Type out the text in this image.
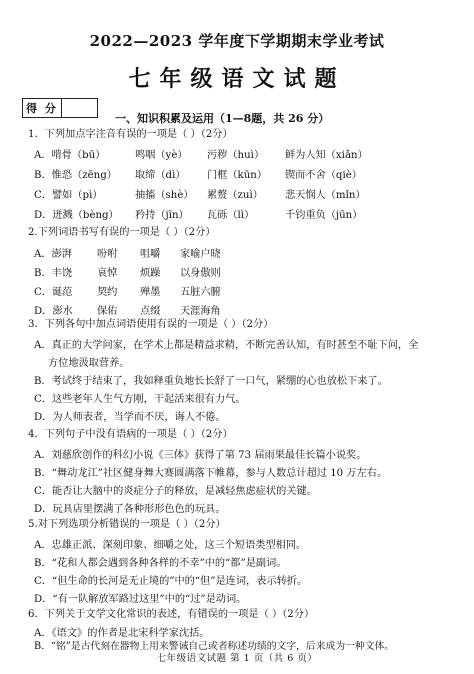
2022—2023 学年度下学期期末学业考试
七年级语文试题
得 分
一、知识积累及运用（1—8题，共 26 分）
1．下列加点字注音有误的一项是（ ）（2分）
A．啃骨（bū）	鸣咽（yè） 污秽（huì） 鲜为人知（xiǎn）
B．惟恐（zēng） 取缔（dì） 门框（kūn） 锲而不舍（qiè）
C．譬如（pì）	抽搐（shè） 累赘（zuì） 悲天悯人（mǐn）
D．迸溅（bèng） 矜持（jīn） 瓦砾（lì）	千钧重负（jūn）
2.下列词语书写有误的一项是（ ）（2分）
A．澎湃 吩咐 咀嚼 家喻户晓
B．丰饶 哀悼 烦躁 以身傲则
C．诞范 契约 殚墨 五脏六腑
D．澎水 保佑 点缀 天涯海角
3．下列各句中加点词语使用有误的一项是（ ）（2分）
A．真正的大学问家，在学术上都是精益求精，不断完善认知，有时甚至不耻下问，全
方位地汲取营养。
B．考试终于结束了，我如释重负地长长舒了一口气，紧绷的心也放松下来了。
C．这些老年人生气方刚，干起活来很有力气。
D．为人师表者，当学而不厌，诲人不倦。
4．下列句子中没有语病的一项是（ ）（2分）
A．刘慈欣创作的科幻小说《三体》获得了第 73 届雨果最佳长篇小说奖。
B．“舞动龙江”社区健身舞大赛圆满落下帷幕，参与人数总计超过 10 万左右。
C．能否让大脑中的炎症分子的释放，是减轻焦虑症状的关键。
D．玩具店里摆满了各种形形色色的玩具。
5.对下列选项分析错误的一项是（ ）（2分）
A．忠雄正派、深刻印象、细嚼之处，这三个短语类型相同。
B．“花和人都会遇到各种各样的不幸”中的“都”是副词。
C．“但生命的长河是无止境的”中的“但”是连词，表示转折。
D．“有一队解放军路过这里”中的“过”是动词。
6．下列关于文学文化常识的表述，有错误的一项是（ ）（2分）
A．《语文》的作者是北宋科学家沈括。
B．“铭”是古代刻在器物上用来警诫自己或者称述功绩的文字，后来成为一种文体。
七年级语文试题 第 1 页（共 6 页）
